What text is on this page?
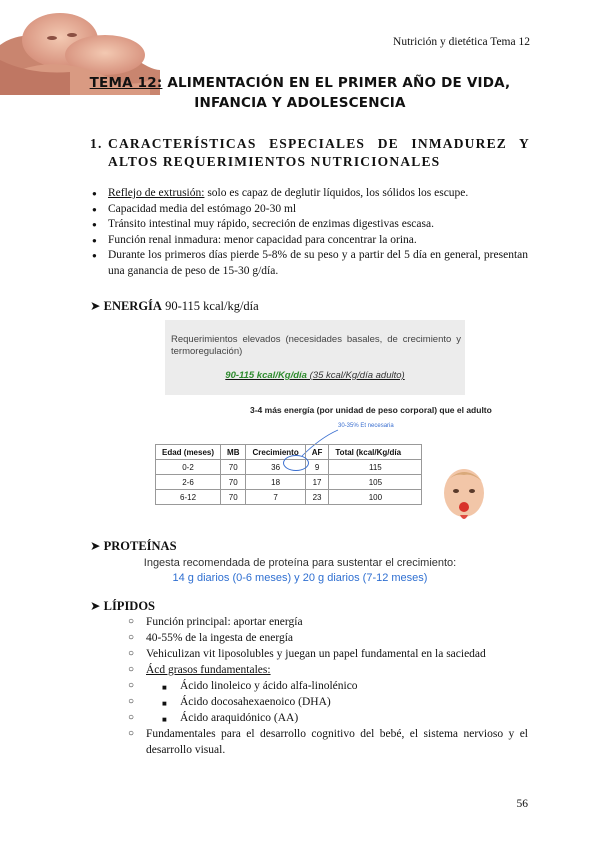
Nutrición y dietética Tema 12
TEMA 12: ALIMENTACIÓN EN EL PRIMER AÑO DE VIDA,
INFANCIA Y ADOLESCENCIA
1. CARACTERÍSTICAS ESPECIALES DE INMADUREZ Y ALTOS REQUERIMIENTOS NUTRICIONALES
● Reflejo de extrusión: solo es capaz de deglutir líquidos, los sólidos los escupe.
● Capacidad media del estómago 20-30 ml
● Tránsito intestinal muy rápido, secreción de enzimas digestivas escasa.
● Función renal inmadura: menor capacidad para concentrar la orina.
● Durante los primeros días pierde 5-8% de su peso y a partir del 5 día en general, presentan una ganancia de peso de 15-30 g/día.
➤ ENERGÍA 90-115 kcal/kg/día
Requerimientos elevados (necesidades basales, de crecimiento y termoregulación)
90-115 kcal/Kg/día (35 kcal/Kg/día adulto)
3-4 más energía (por unidad de peso corporal) que el adulto
30-35% Et necesaria
Edad (meses)	MB	Crecimiento	AF	Total (kcal/Kg/día
0-2	70	36	9	115
2-6	70	18	17	105
6-12	70	7	23	100
➤ PROTEÍNAS
Ingesta recomendada de proteína para sustentar el crecimiento:
14 g diarios (0-6 meses) y 20 g diarios (7-12 meses)
➤ LÍPIDOS
○ Función principal: aportar energía
○ 40-55% de la ingesta de energía
○ Vehiculizan vit liposolubles y juegan un papel fundamental en la saciedad
○ Ácd grasos fundamentales:
○ ■ Ácido linoleico y ácido alfa-linolénico
○ ■ Ácido docosahexaenoico (DHA)
○ ■ Ácido araquidónico (AA)
○ Fundamentales para el desarrollo cognitivo del bebé, el sistema nervioso y el desarrollo visual.
56
